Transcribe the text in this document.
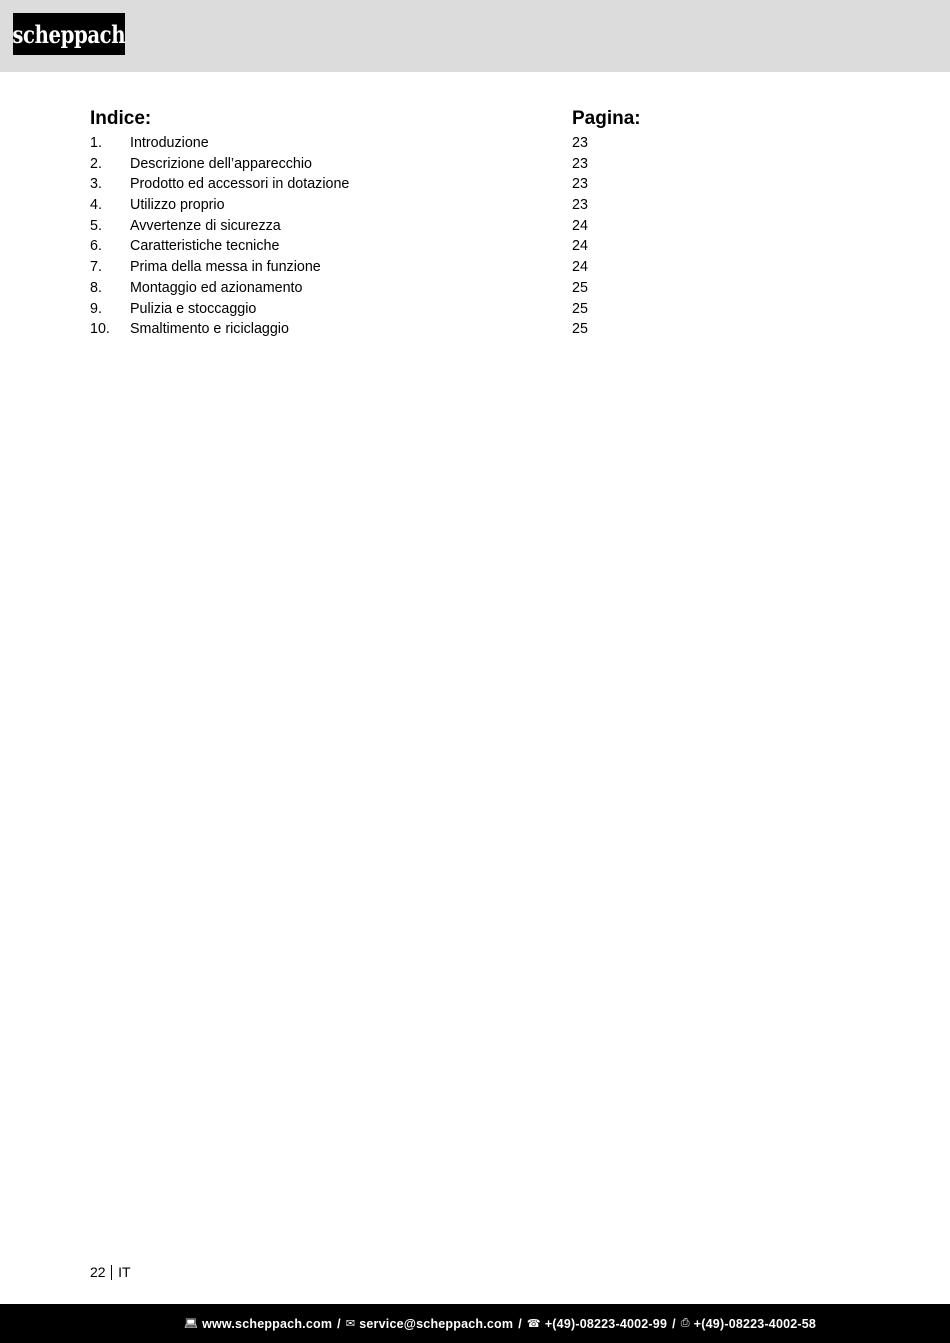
scheppach
Indice:	Pagina:
1. Introduzione	23
2. Descrizione dell’apparecchio	23
3. Prodotto ed accessori in dotazione	23
4. Utilizzo proprio	23
5. Avvertenze di sicurezza	24
6. Caratteristiche tecniche	24
7. Prima della messa in funzione	24
8. Montaggio ed azionamento	25
9. Pulizia e stoccaggio	25
10. Smaltimento e riciclaggio	25
22 IT
💻︎ www.scheppach.com / ✉ service@scheppach.com / ☎ +(49)-08223-4002-99 / ⎙ +(49)-08223-4002-58
